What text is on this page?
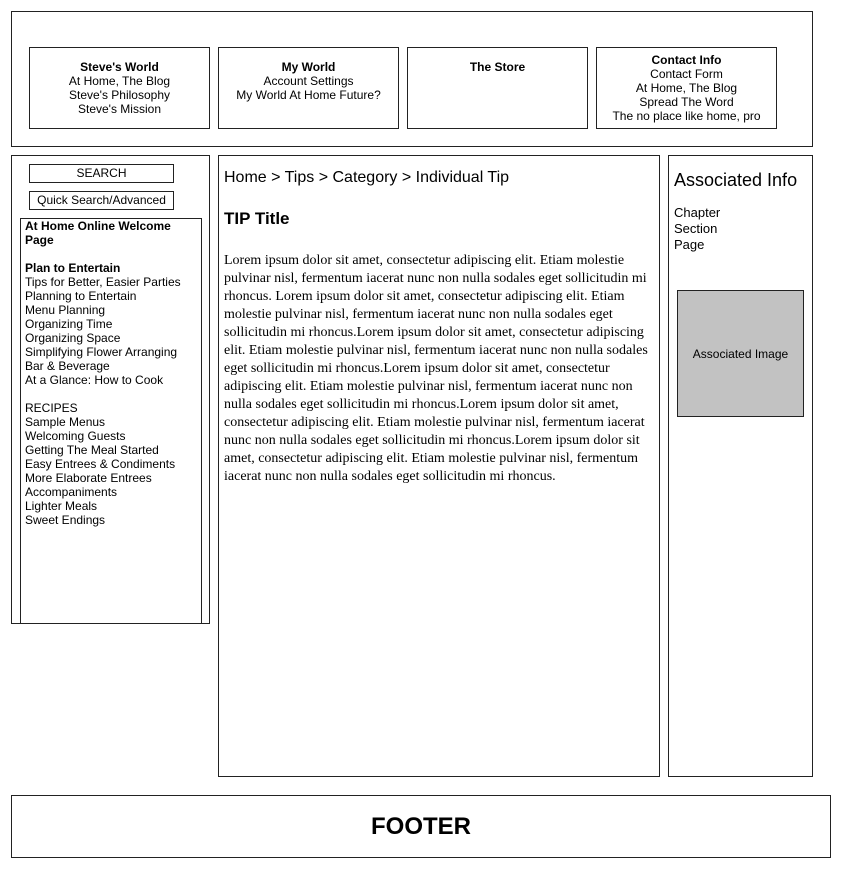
Steve's World
At Home, The Blog
Steve's Philosophy
Steve's Mission
My World
Account Settings
My World At Home Future?
The Store	Contact Info
Contact Form
At Home, The Blog
Spread The Word
The no place like home, pro
SEARCH
Quick Search/Advanced
At Home Online Welcome Page
Plan to Entertain
Tips for Better, Easier Parties
Planning to Entertain
Menu Planning
Organizing Time
Organizing Space
Simplifying Flower Arranging
Bar & Beverage
At a Glance: How to Cook
RECIPES
Sample Menus
Welcoming Guests
Getting The Meal Started
Easy Entrees & Condiments
More Elaborate Entrees
Accompaniments
Lighter Meals
Sweet Endings
Home > Tips > Category > Individual Tip
TIP Title
Lorem ipsum dolor sit amet, consectetur adipiscing elit. Etiam molestie pulvinar nisl, fermentum iacerat nunc non nulla sodales eget sollicitudin mi rhoncus. Lorem ipsum dolor sit amet, consectetur adipiscing elit. Etiam molestie pulvinar nisl, fermentum iacerat nunc non nulla sodales eget sollicitudin mi rhoncus.Lorem ipsum dolor sit amet, consectetur adipiscing elit. Etiam molestie pulvinar nisl, fermentum iacerat nunc non nulla sodales eget sollicitudin mi rhoncus.Lorem ipsum dolor sit amet, consectetur adipiscing elit. Etiam molestie pulvinar nisl, fermentum iacerat nunc non nulla sodales eget sollicitudin mi rhoncus.Lorem ipsum dolor sit amet, consectetur adipiscing elit. Etiam molestie pulvinar nisl, fermentum iacerat nunc non nulla sodales eget sollicitudin mi rhoncus.Lorem ipsum dolor sit amet, consectetur adipiscing elit. Etiam molestie pulvinar nisl, fermentum iacerat nunc non nulla sodales eget sollicitudin mi rhoncus.
Associated Info
Chapter
Section
Page
Associated Image
FOOTER
